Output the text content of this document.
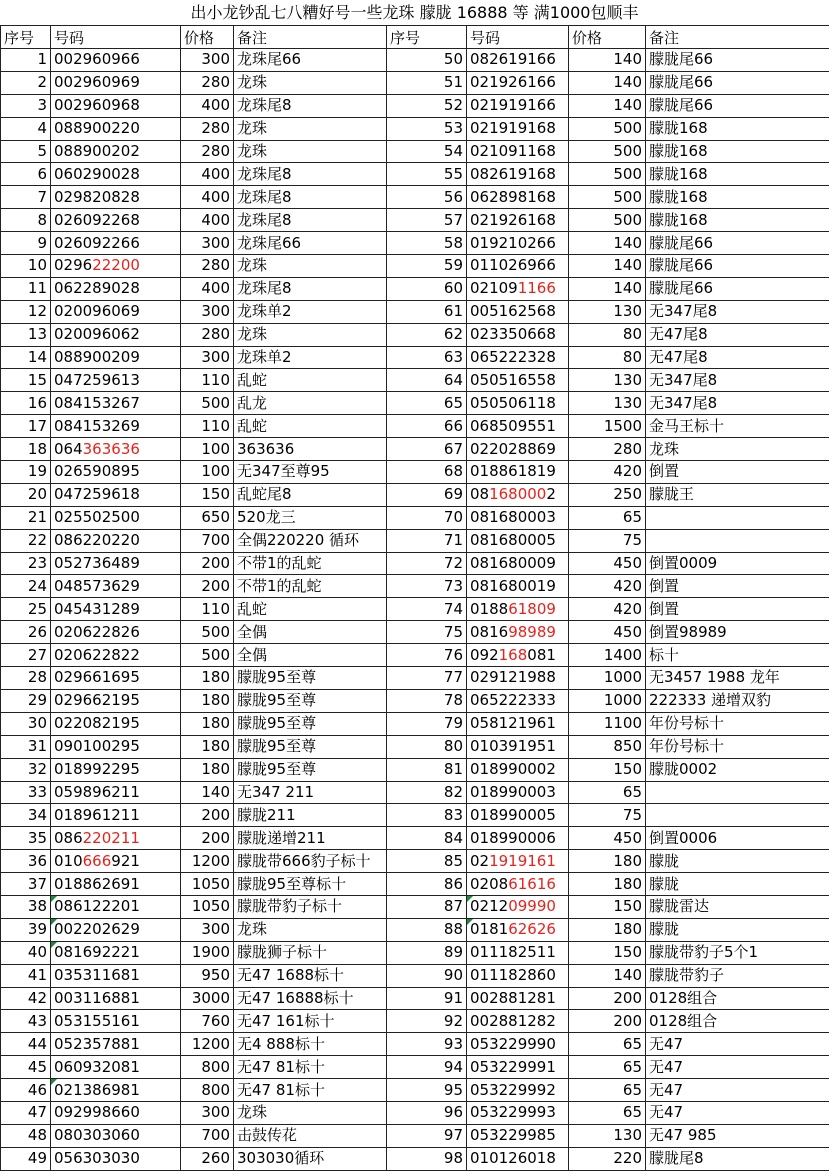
出小龙钞乱七八糟好号一些龙珠 朦胧 16888 等 满1000包顺丰
序号	号码	价格	备注	序号	号码	价格	备注
1	002960966	300	龙珠尾66	50	082619166	140	朦胧尾66
2	002960969	280	龙珠	51	021926166	140	朦胧尾66
3	002960968	400	龙珠尾8	52	021919166	140	朦胧尾66
4	088900220	280	龙珠	53	021919168	500	朦胧168
5	088900202	280	龙珠	54	021091168	500	朦胧168
6	060290028	400	龙珠尾8	55	082619168	500	朦胧168
7	029820828	400	龙珠尾8	56	062898168	500	朦胧168
8	026092268	400	龙珠尾8	57	021926168	500	朦胧168
9	026092266	300	龙珠尾66	58	019210266	140	朦胧尾66
10	029622200	280	龙珠	59	011026966	140	朦胧尾66
11	062289028	400	龙珠尾8	60	021091166	140	朦胧尾66
12	020096069	300	龙珠单2	61	005162568	130	无347尾8
13	020096062	280	龙珠	62	023350668	80	无47尾8
14	088900209	300	龙珠单2	63	065222328	80	无47尾8
15	047259613	110	乱蛇	64	050516558	130	无347尾8
16	084153267	500	乱龙	65	050506118	130	无347尾8
17	084153269	110	乱蛇	66	068509551	1500	金马王标十
18	064363636	100	363636	67	022028869	280	龙珠
19	026590895	100	无347至尊95	68	018861819	420	倒置
20	047259618	150	乱蛇尾8	69	081680002	250	朦胧王
21	025502500	650	520龙三	70	081680003	65	
22	086220220	700	全偶220220 循环	71	081680005	75	
23	052736489	200	不带1的乱蛇	72	081680009	450	倒置0009
24	048573629	200	不带1的乱蛇	73	081680019	420	倒置
25	045431289	110	乱蛇	74	018861809	420	倒置
26	020622826	500	全偶	75	081698989	450	倒置98989
27	020622822	500	全偶	76	092168081	1400	标十
28	029661695	180	朦胧95至尊	77	029121988	1000	无3457 1988 龙年
29	029662195	180	朦胧95至尊	78	065222333	1000	222333 递增双豹
30	022082195	180	朦胧95至尊	79	058121961	1100	年份号标十
31	090100295	180	朦胧95至尊	80	010391951	850	年份号标十
32	018992295	180	朦胧95至尊	81	018990002	150	朦胧0002
33	059896211	140	无347 211	82	018990003	65	
34	018961211	200	朦胧211	83	018990005	75	
35	086220211	200	朦胧递增211	84	018990006	450	倒置0006
36	010666921	1200	朦胧带666豹子标十	85	021919161	180	朦胧
37	018862691	1050	朦胧95至尊标十	86	020861616	180	朦胧
38	086122201	1050	朦胧带豹子标十	87	021209990	150	朦胧雷达
39	002202629	300	龙珠	88	018162626	180	朦胧
40	081692221	1900	朦胧狮子标十	89	011182511	150	朦胧带豹子5个1
41	035311681	950	无47 1688标十	90	011182860	140	朦胧带豹子
42	003116881	3000	无47 16888标十	91	002881281	200	0128组合
43	053155161	760	无47 161标十	92	002881282	200	0128组合
44	052357881	1200	无4 888标十	93	053229990	65	无47
45	060932081	800	无47 81标十	94	053229991	65	无47
46	021386981	800	无47 81标十	95	053229992	65	无47
47	092998660	300	龙珠	96	053229993	65	无47
48	080303060	700	击鼓传花	97	053229985	130	无47 985
49	056303030	260	303030循环	98	010126018	220	朦胧尾8
